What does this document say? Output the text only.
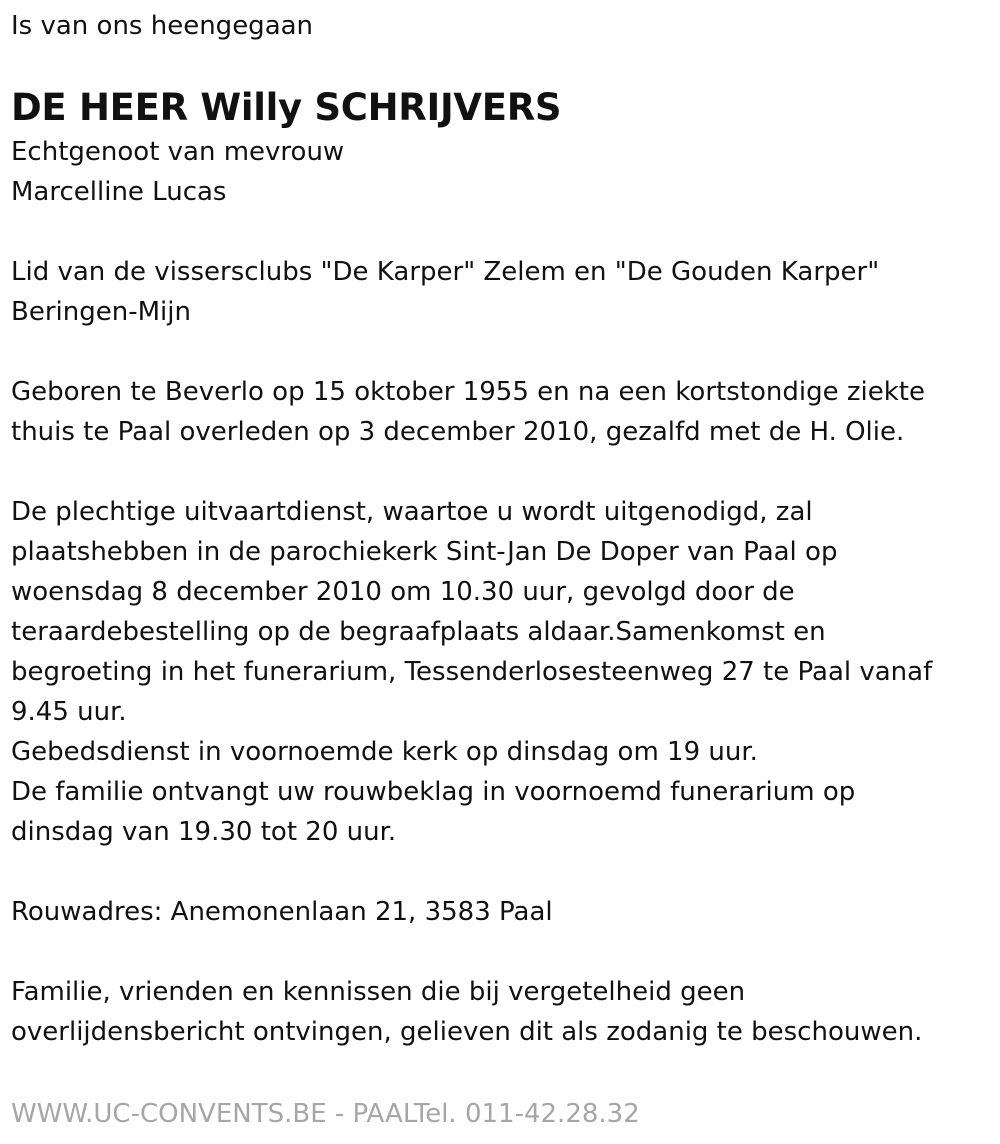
Is van ons heengegaan

DE HEER Willy SCHRIJVERS

Echtgenoot van mevrouw

Marcelline Lucas

Lid van de vissersclubs "De Karper" Zelem en "De Gouden Karper"

Beringen-Mijn

Geboren te Beverlo op 15 oktober 1955 en na een kortstondige ziekte

thuis te Paal overleden op 3 december 2010, gezalfd met de H. Olie.

De plechtige uitvaartdienst, waartoe u wordt uitgenodigd, zal

plaatshebben in de parochiekerk Sint-Jan De Doper van Paal op

woensdag 8 december 2010 om 10.30 uur, gevolgd door de

teraardebestelling op de begraafplaats aldaar.Samenkomst en

begroeting in het funerarium, Tessenderlosesteenweg 27 te Paal vanaf

9.45 uur.

Gebedsdienst in voornoemde kerk op dinsdag om 19 uur.

De familie ontvangt uw rouwbeklag in voornoemd funerarium op

dinsdag van 19.30 tot 20 uur.

Rouwadres: Anemonenlaan 21, 3583 Paal

Familie, vrienden en kennissen die bij vergetelheid geen

overlijdensbericht ontvingen, gelieven dit als zodanig te beschouwen.

WWW.UC-CONVENTS.BE - PAALTel. 011-42.28.32
